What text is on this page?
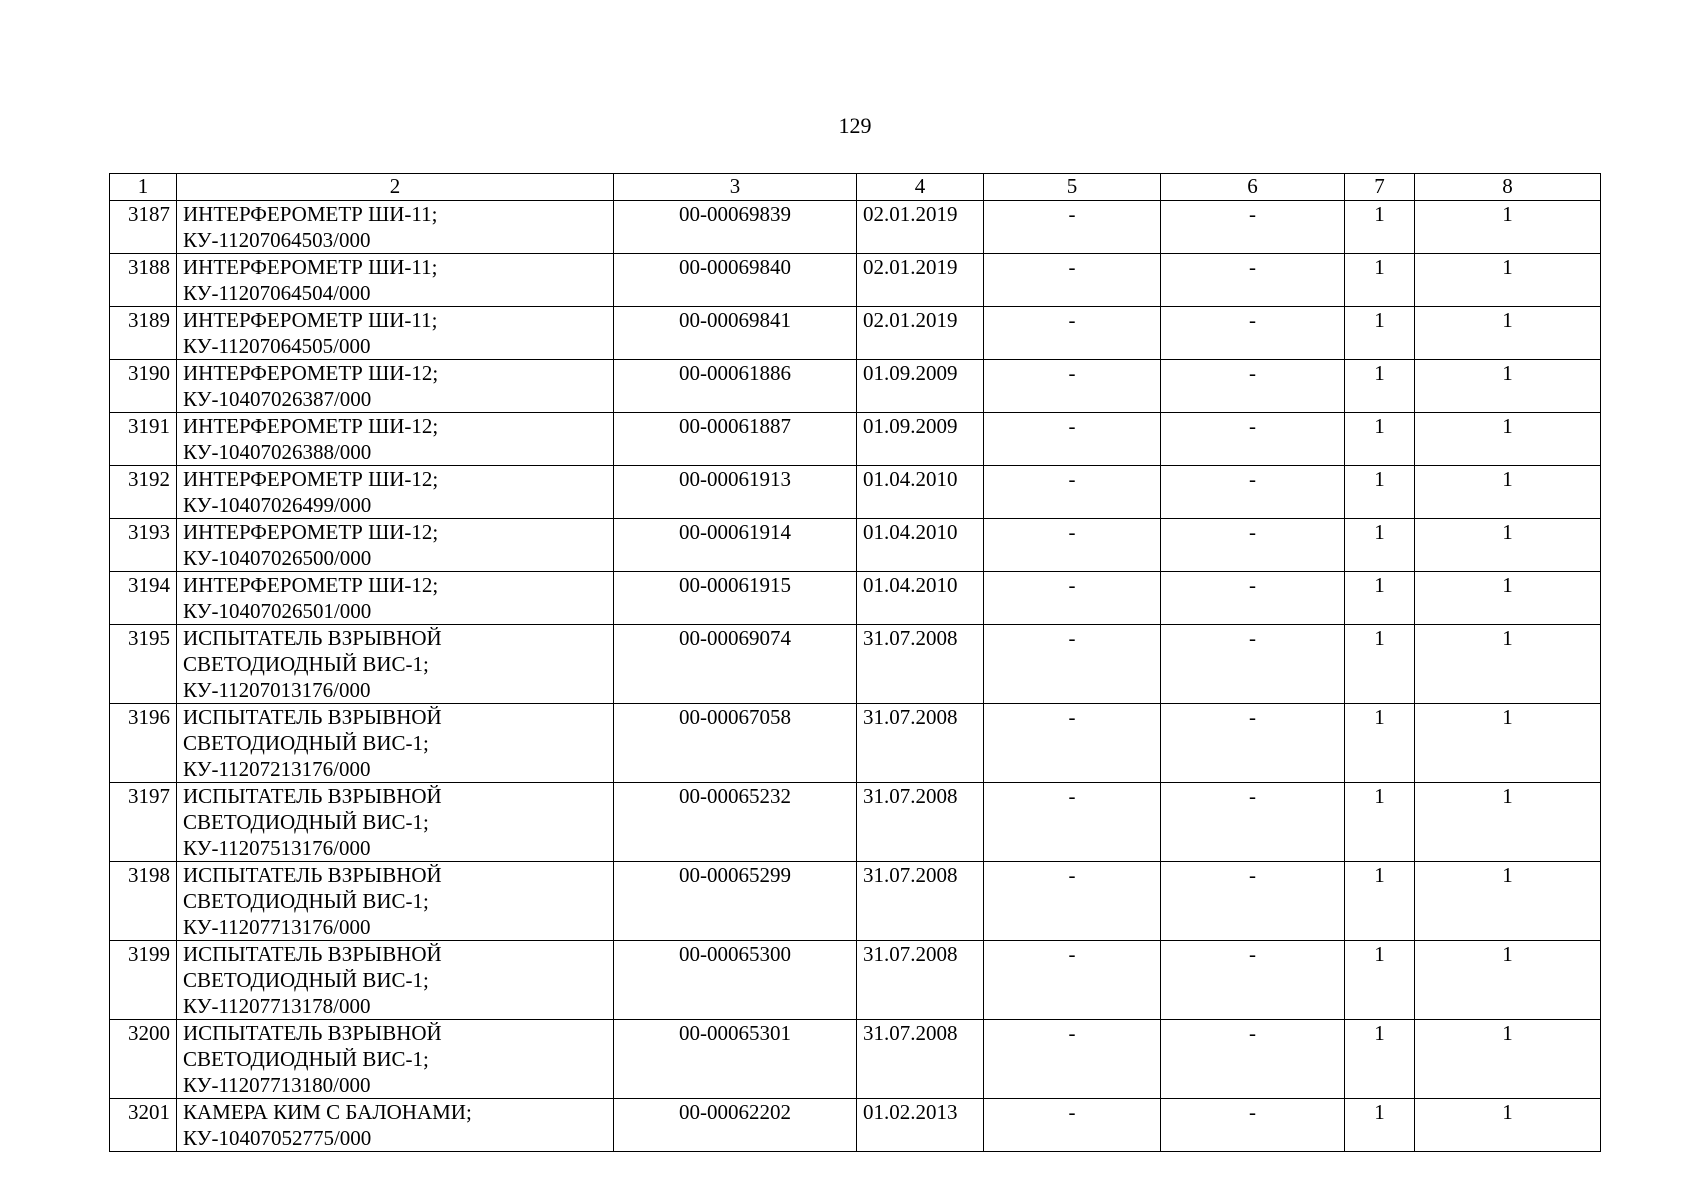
129
1	2	3	4	5	6	7	8
3187	ИНТЕРФЕРОМЕТР ШИ-11;
КУ-11207064503/000	00-00069839	02.01.2019	-	-	1	1
3188	ИНТЕРФЕРОМЕТР ШИ-11;
КУ-11207064504/000	00-00069840	02.01.2019	-	-	1	1
3189	ИНТЕРФЕРОМЕТР ШИ-11;
КУ-11207064505/000	00-00069841	02.01.2019	-	-	1	1
3190	ИНТЕРФЕРОМЕТР ШИ-12;
КУ-10407026387/000	00-00061886	01.09.2009	-	-	1	1
3191	ИНТЕРФЕРОМЕТР ШИ-12;
КУ-10407026388/000	00-00061887	01.09.2009	-	-	1	1
3192	ИНТЕРФЕРОМЕТР ШИ-12;
КУ-10407026499/000	00-00061913	01.04.2010	-	-	1	1
3193	ИНТЕРФЕРОМЕТР ШИ-12;
КУ-10407026500/000	00-00061914	01.04.2010	-	-	1	1
3194	ИНТЕРФЕРОМЕТР ШИ-12;
КУ-10407026501/000	00-00061915	01.04.2010	-	-	1	1
3195	ИСПЫТАТЕЛЬ ВЗРЫВНОЙ
СВЕТОДИОДНЫЙ ВИС-1;
КУ-11207013176/000	00-00069074	31.07.2008	-	-	1	1
3196	ИСПЫТАТЕЛЬ ВЗРЫВНОЙ
СВЕТОДИОДНЫЙ ВИС-1;
КУ-11207213176/000	00-00067058	31.07.2008	-	-	1	1
3197	ИСПЫТАТЕЛЬ ВЗРЫВНОЙ
СВЕТОДИОДНЫЙ ВИС-1;
КУ-11207513176/000	00-00065232	31.07.2008	-	-	1	1
3198	ИСПЫТАТЕЛЬ ВЗРЫВНОЙ
СВЕТОДИОДНЫЙ ВИС-1;
КУ-11207713176/000	00-00065299	31.07.2008	-	-	1	1
3199	ИСПЫТАТЕЛЬ ВЗРЫВНОЙ
СВЕТОДИОДНЫЙ ВИС-1;
КУ-11207713178/000	00-00065300	31.07.2008	-	-	1	1
3200	ИСПЫТАТЕЛЬ ВЗРЫВНОЙ
СВЕТОДИОДНЫЙ ВИС-1;
КУ-11207713180/000	00-00065301	31.07.2008	-	-	1	1
3201	КАМЕРА КИМ С БАЛОНАМИ;
КУ-10407052775/000	00-00062202	01.02.2013	-	-	1	1
